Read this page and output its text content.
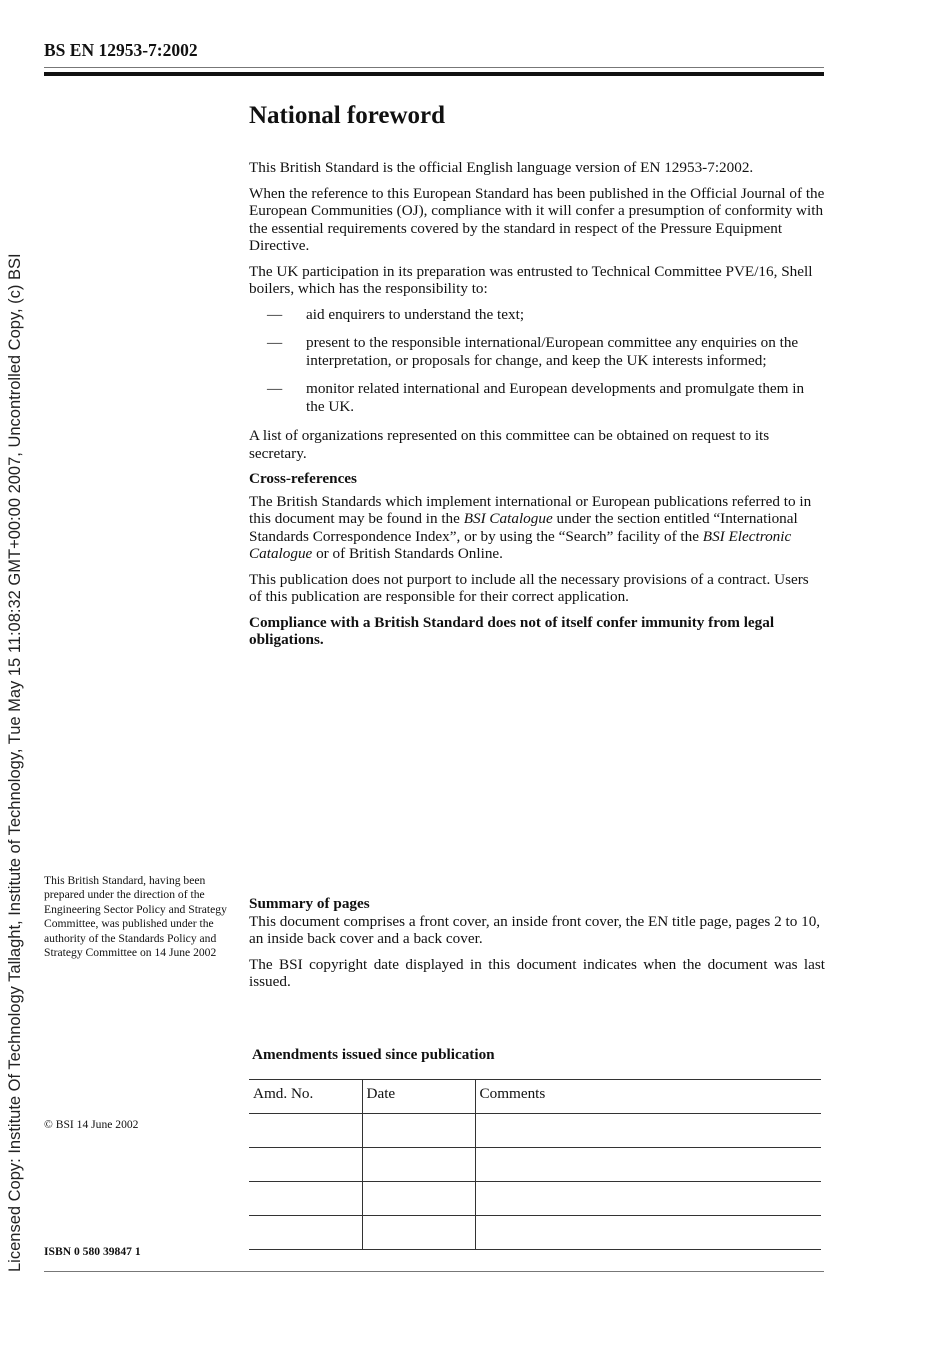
Licensed Copy: Institute Of Technology Tallaght, Institute of Technology, Tue May 15 11:08:32 GMT+00:00 2007, Uncontrolled Copy, (c) BSI
BS EN 12953-7:2002
National foreword

This British Standard is the official English language version of EN 12953-7:2002.

When the reference to this European Standard has been published in the Official Journal of the European Communities (OJ), compliance with it will confer a presumption of conformity with the essential requirements covered by the standard in respect of the Pressure Equipment Directive.

The UK participation in its preparation was entrusted to Technical Committee PVE/16, Shell boilers, which has the responsibility to:

— aid enquirers to understand the text;
— present to the responsible international/European committee any enquiries on the interpretation, or proposals for change, and keep the UK interests informed;
— monitor related international and European developments and promulgate them in the UK.

A list of organizations represented on this committee can be obtained on request to its secretary.

Cross-references

The British Standards which implement international or European publications referred to in this document may be found in the BSI Catalogue under the section entitled “International Standards Correspondence Index”, or by using the “Search” facility of the BSI Electronic Catalogue or of British Standards Online.

This publication does not purport to include all the necessary provisions of a contract. Users of this publication are responsible for their correct application.

Compliance with a British Standard does not of itself confer immunity from legal obligations.

This British Standard, having been prepared under the direction of the Engineering Sector Policy and Strategy Committee, was published under the authority of the Standards Policy and Strategy Committee on 14 June 2002
© BSI 14 June 2002
ISBN 0 580 39847 1

Summary of pages

This document comprises a front cover, an inside front cover, the EN title page, pages 2 to 10, an inside back cover and a back cover.

The BSI copyright date displayed in this document indicates when the document was last issued.

Amendments issued since publication
Amd. No.	Date	Comments
